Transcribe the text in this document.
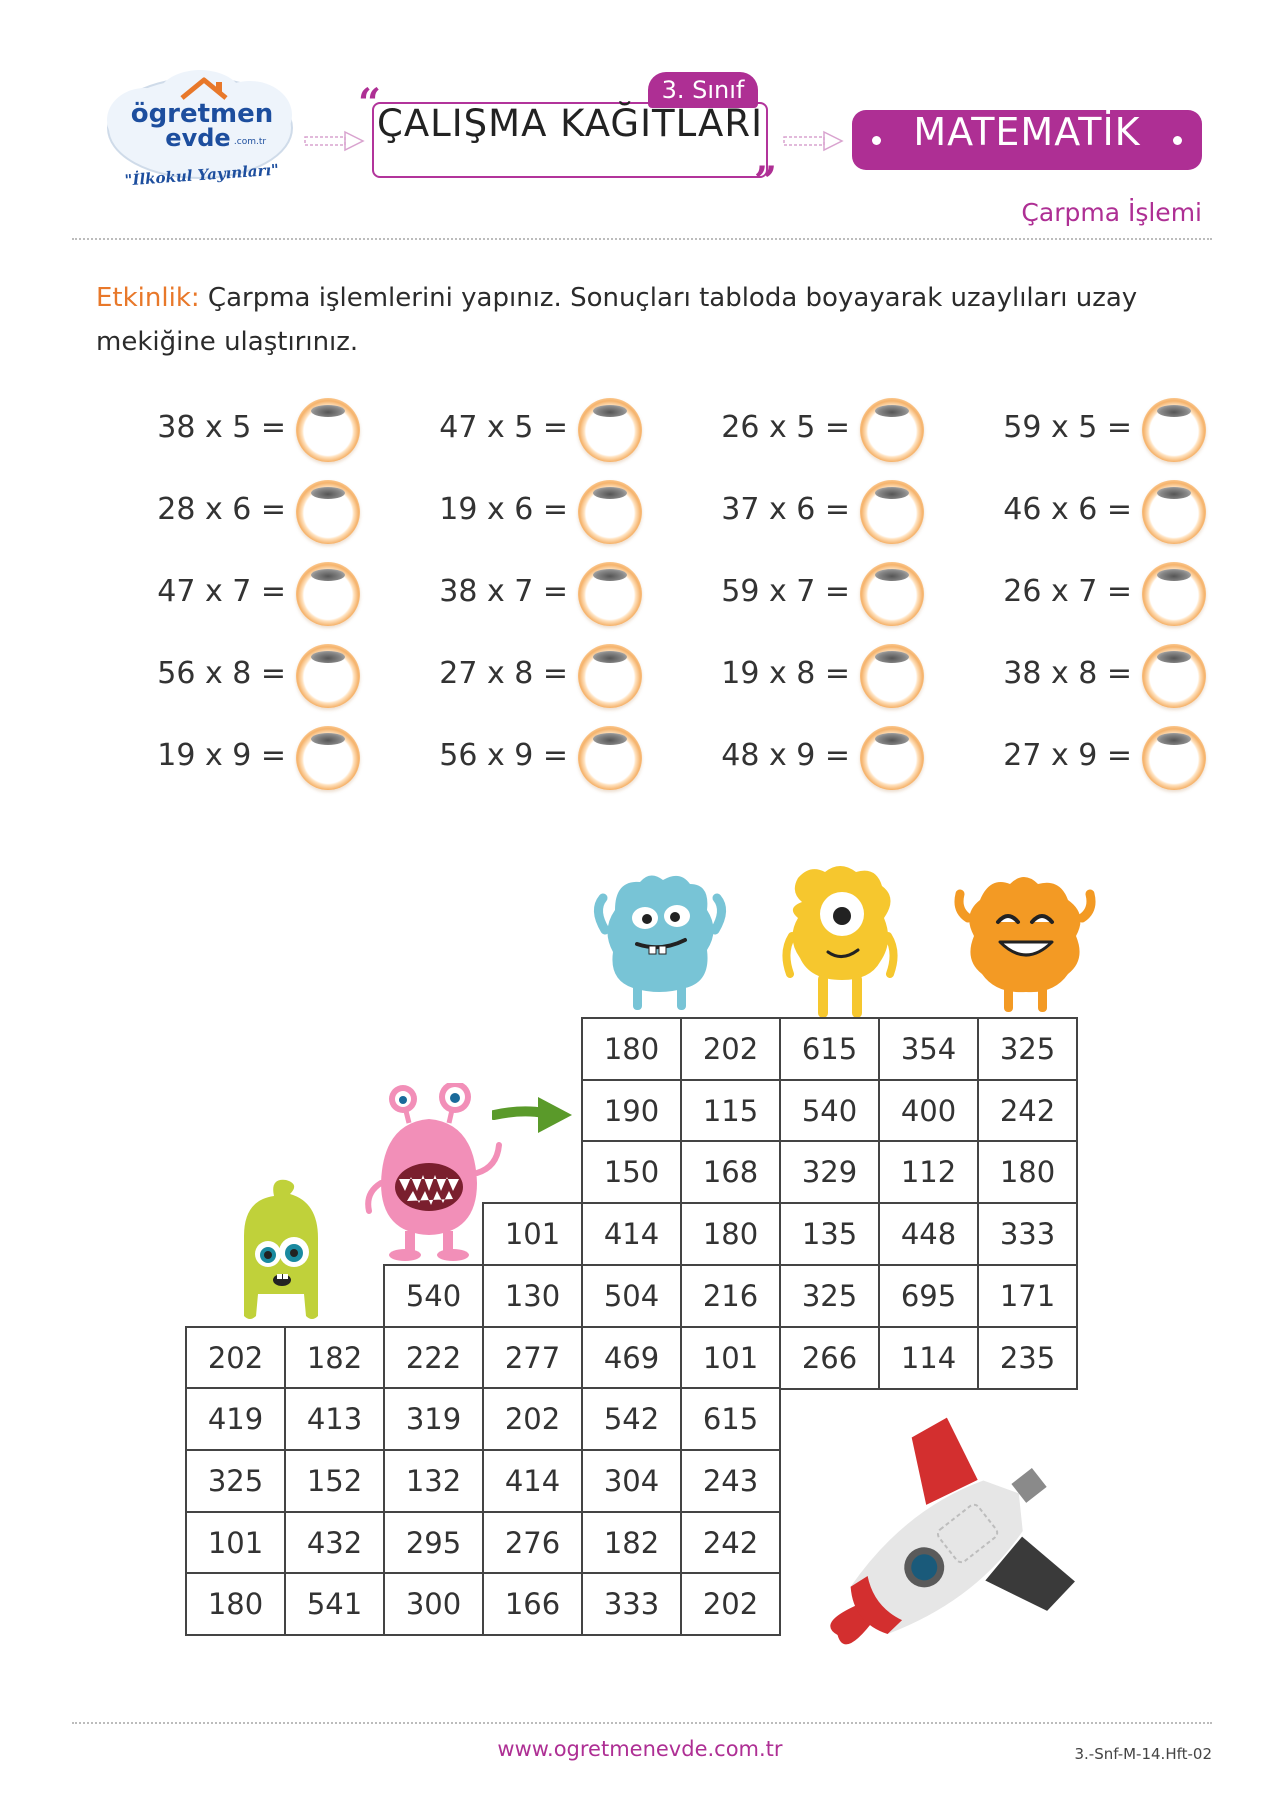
ögretmen
evde .com.tr
"İlkokul Yayınları"
3. Sınıf
“
”
ÇALIŞMA KAĞITLARI	MATEMATİK
Çarpma İşlemi
Etkinlik: Çarpma işlemlerini yapınız. Sonuçları tabloda boyayarak uzaylıları uzay mekiğine ulaştırınız.
38 x 5 =	47 x 5 =	26 x 5 =	59 x 5 =
28 x 6 =	19 x 6 =	37 x 6 =	46 x 6 =
47 x 7 =	38 x 7 =	59 x 7 =	26 x 7 =
56 x 8 =	27 x 8 =	19 x 8 =	38 x 8 =
19 x 9 =	56 x 9 =	48 x 9 =	27 x 9 =
180	202	615	354	325
190	115	540	400	242
150	168	329	112	180
101	414	180	135	448	333
540	130	504	216	325	695	171
202	182	222	277	469	101	266	114	235
419	413	319	202	542	615
325	152	132	414	304	243
101	432	295	276	182	242
180	541	300	166	333	202
www.ogretmenevde.com.tr	3.-Snf-M-14.Hft-02
